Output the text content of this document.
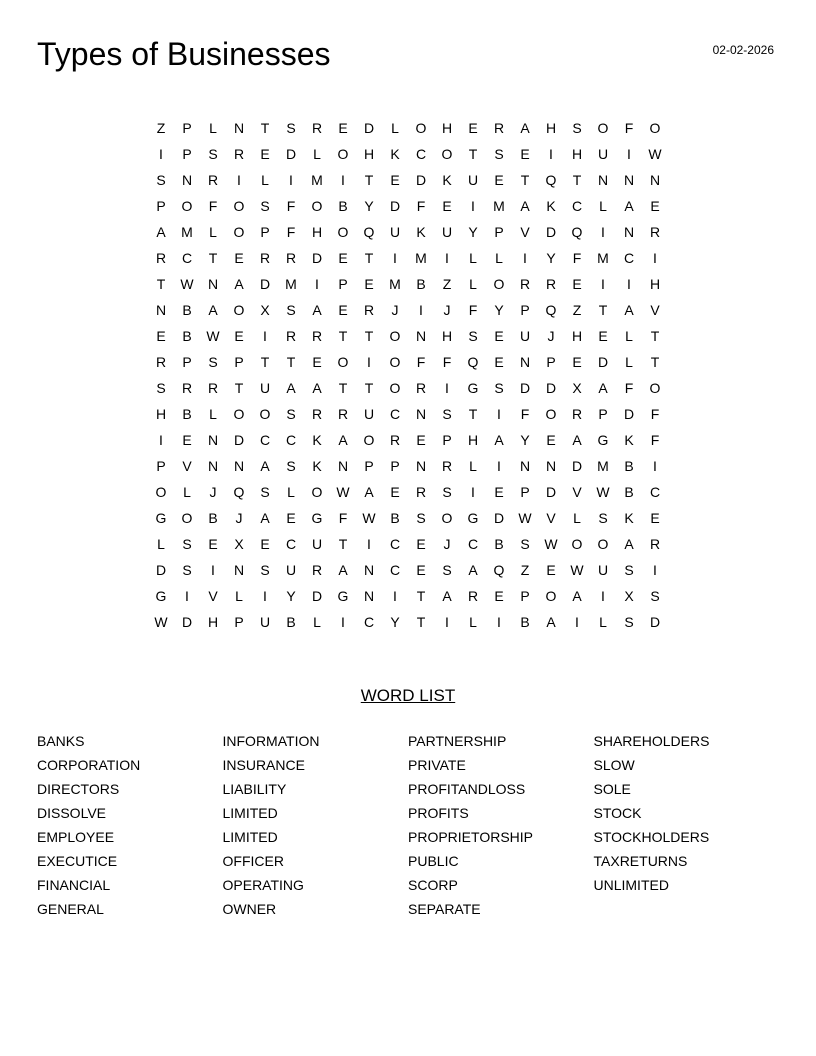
Types of Businesses	02-02-2026
Z	P	L	N	T	S	R	E	D	L	O	H	E	R	A	H	S	O	F	O
I	P	S	R	E	D	L	O	H	K	C	O	T	S	E	I	H	U	I	W
S	N	R	I	L	I	M	I	T	E	D	K	U	E	T	Q	T	N	N	N
P	O	F	O	S	F	O	B	Y	D	F	E	I	M	A	K	C	L	A	E
A	M	L	O	P	F	H	O	Q	U	K	U	Y	P	V	D	Q	I	N	R
R	C	T	E	R	R	D	E	T	I	M	I	L	L	I	Y	F	M	C	I
T	W	N	A	D	M	I	P	E	M	B	Z	L	O	R	R	E	I	I	H
N	B	A	O	X	S	A	E	R	J	I	J	F	Y	P	Q	Z	T	A	V
E	B	W	E	I	R	R	T	T	O	N	H	S	E	U	J	H	E	L	T
R	P	S	P	T	T	E	O	I	O	F	F	Q	E	N	P	E	D	L	T
S	R	R	T	U	A	A	T	T	O	R	I	G	S	D	D	X	A	F	O
H	B	L	O	O	S	R	R	U	C	N	S	T	I	F	O	R	P	D	F
I	E	N	D	C	C	K	A	O	R	E	P	H	A	Y	E	A	G	K	F
P	V	N	N	A	S	K	N	P	P	N	R	L	I	N	N	D	M	B	I
O	L	J	Q	S	L	O W	A	E	R	S	I	E	P	D	V	W	B	C
G	O	B	J	A	E	G	F	W	B	S	O	G	D	W	V	L	S	K	E
L	S	E	X	E	C	U	T	I	C	E	J	C	B	S	W O	O	A	R
D	S	I	N	S	U	R	A	N	C	E	S	A	Q	Z	E	W	U	S	I
G	I	V	L	I	Y	D	G	N	I	T	A	R	E	P	O	A	I	X	S
W	D	H	P	U	B	L	I	C	Y	T	I	L	I	B	A	I	L	S	D
WORD LIST
BANKS
CORPORATION
DIRECTORS
DISSOLVE
EMPLOYEE
EXECUTICE
FINANCIAL
GENERAL
INFORMATION
INSURANCE
LIABILITY
LIMITED
LIMITED
OFFICER
OPERATING
OWNER
PARTNERSHIP
PRIVATE
PROFITANDLOSS
PROFITS
PROPRIETORSHIP
PUBLIC
SCORP
SEPARATE
SHAREHOLDERS
SLOW
SOLE
STOCK
STOCKHOLDERS
TAXRETURNS
UNLIMITED
